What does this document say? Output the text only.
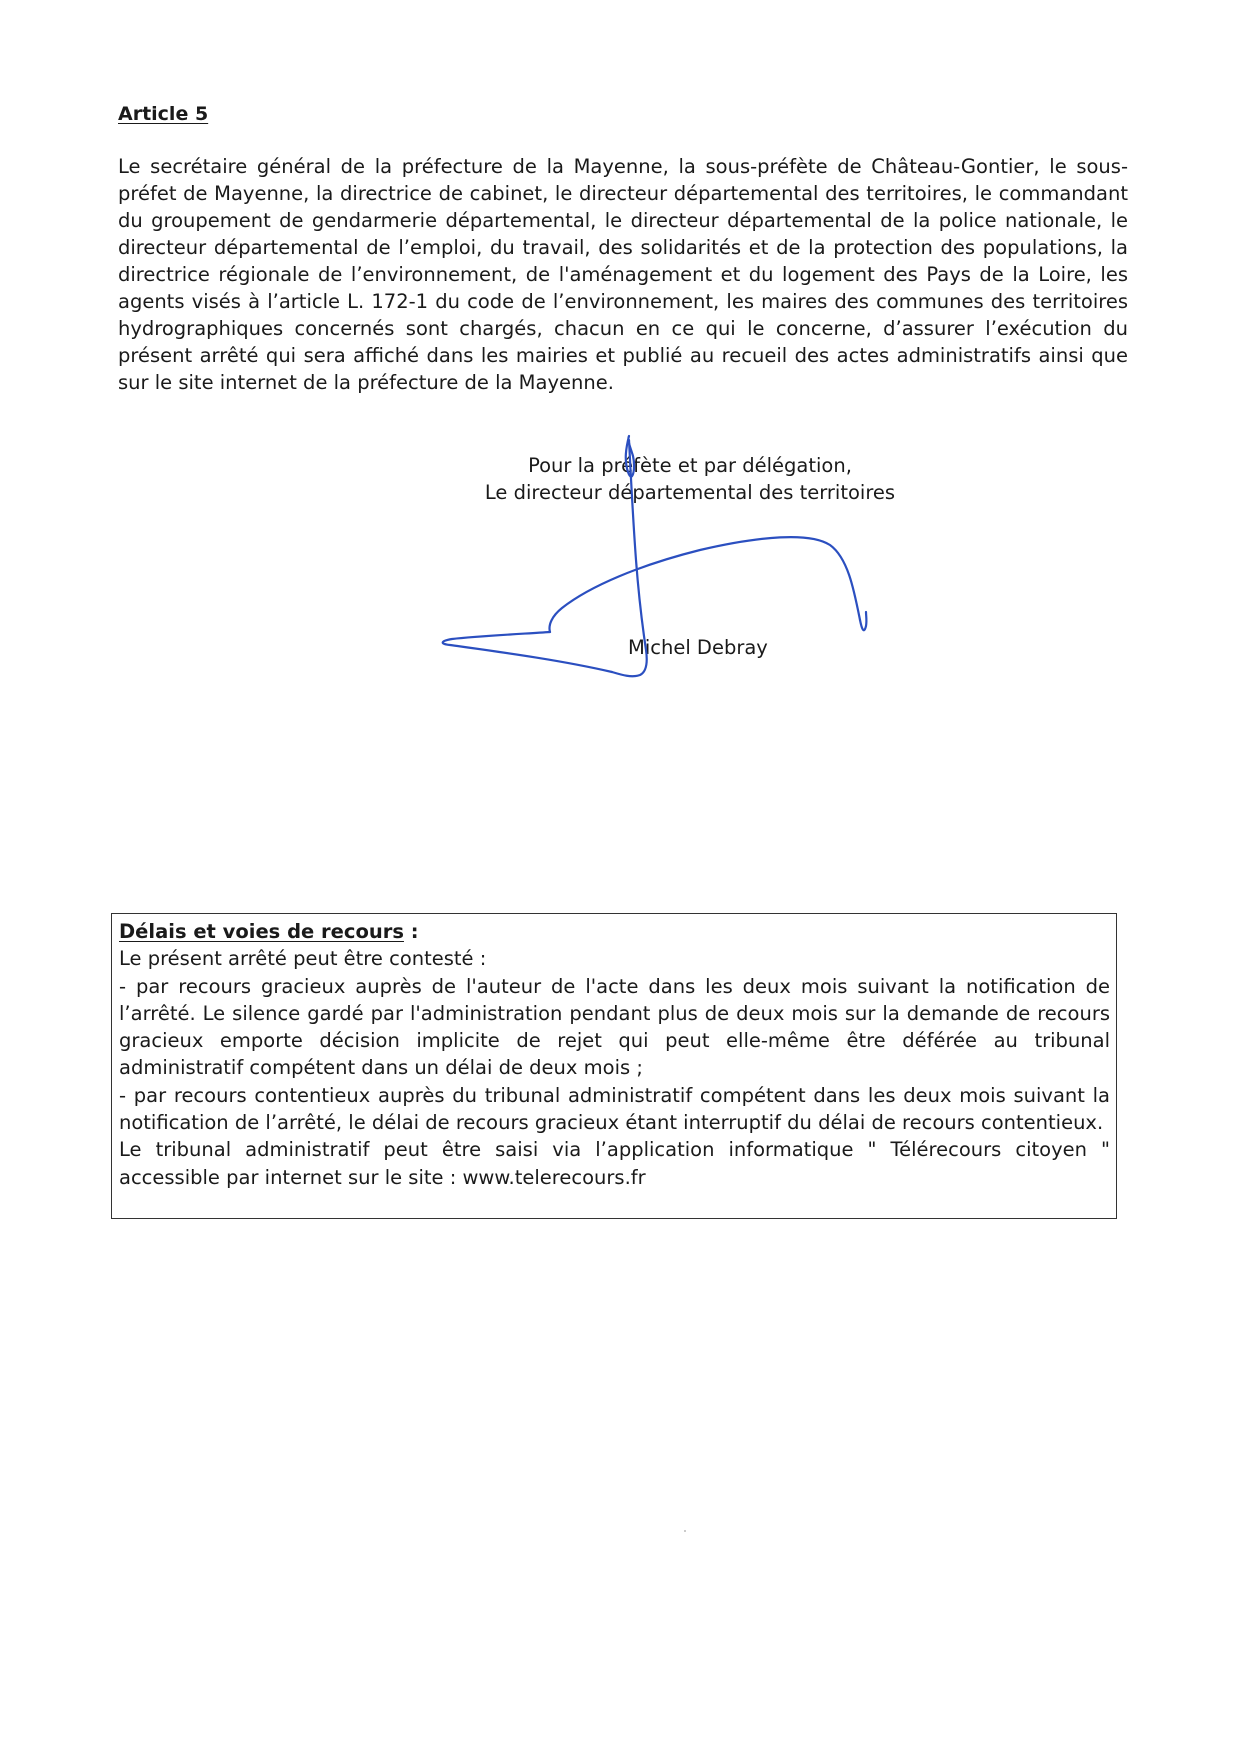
Article 5

Le secrétaire général de la préfecture de la Mayenne, la sous-préfète de Château-Gontier, le sous-préfet de Mayenne, la directrice de cabinet, le directeur départemental des territoires, le commandant du groupement de gendarmerie départemental, le directeur départemental de la police nationale, le directeur départemental de l’emploi, du travail, des solidarités et de la protection des populations, la directrice régionale de l’environnement, de l'aménagement et du logement des Pays de la Loire, les agents visés à l’article L. 172-1 du code de l’environnement, les maires des communes des territoires hydrographiques concernés sont chargés, chacun en ce qui le concerne, d’assurer l’exécution du présent arrêté qui sera affiché dans les mairies et publié au recueil des actes administratifs ainsi que sur le site internet de la préfecture de la Mayenne.

Pour la préfète et par délégation,
Le directeur départemental des territoires
Michel Debray
Délais et voies de recours :
Le présent arrêté peut être contesté :
- par recours gracieux auprès de l'auteur de l'acte dans les deux mois suivant la notification de l’arrêté. Le silence gardé par l'administration pendant plus de deux mois sur la demande de recours gracieux emporte décision implicite de rejet qui peut elle-même être déférée au tribunal administratif compétent dans un délai de deux mois ;
- par recours contentieux auprès du tribunal administratif compétent dans les deux mois suivant la notification de l’arrêté, le délai de recours gracieux étant interruptif du délai de recours contentieux.
Le tribunal administratif peut être saisi via l’application informatique " Télérecours citoyen " accessible par internet sur le site : www.telerecours.fr
